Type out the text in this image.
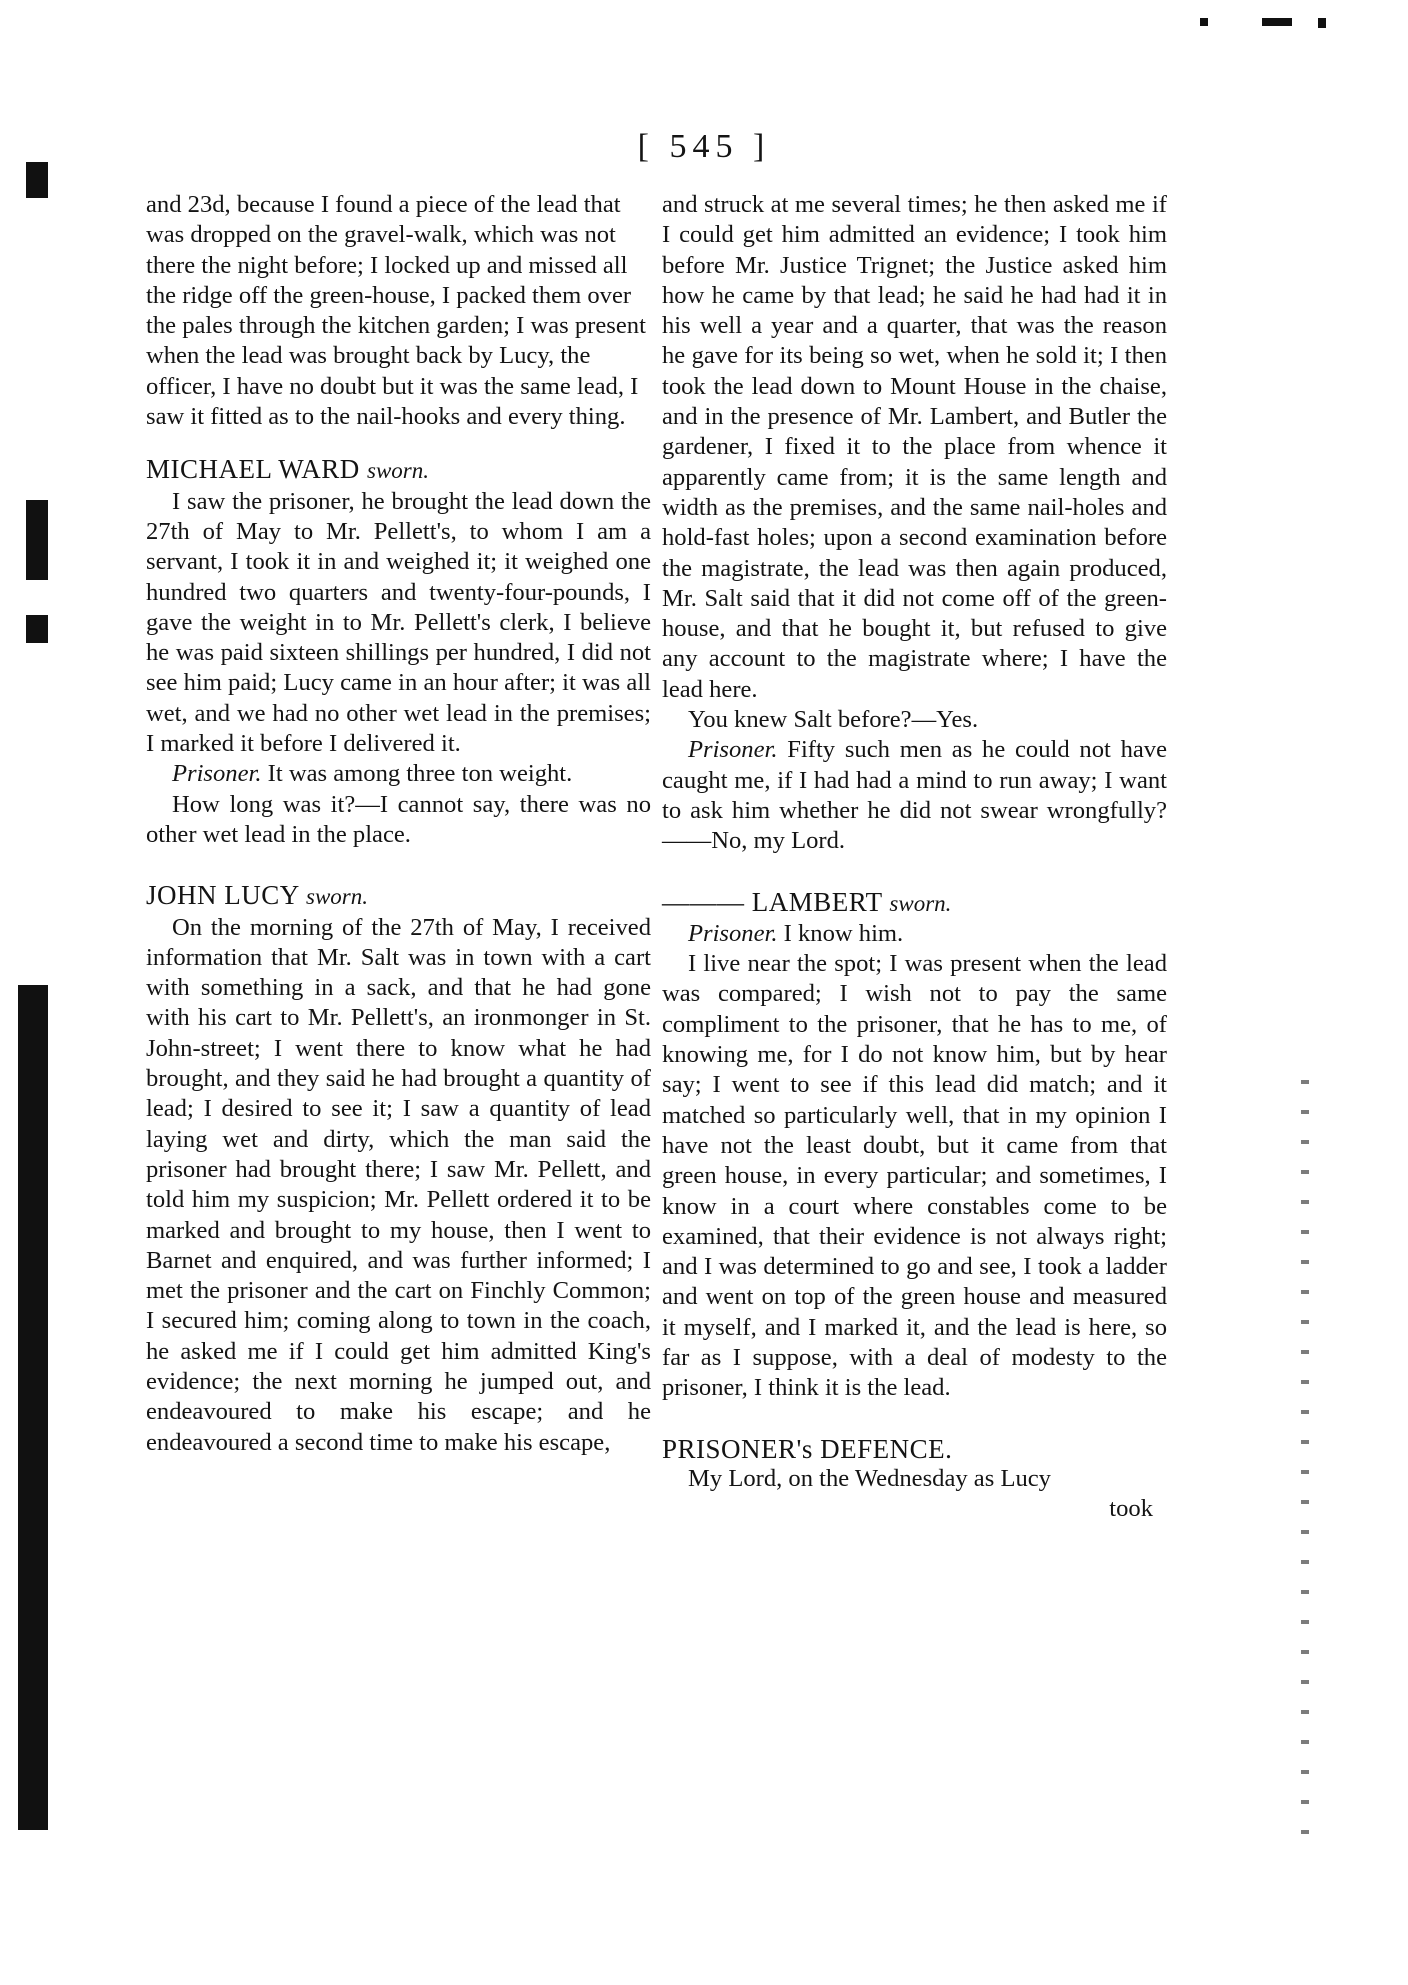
[ 545 ]

and 23d, because I found a piece of the lead that was dropped on the gravel-walk, which was not there the night before; I locked up and missed all the ridge off the green-house, I packed them over the pales through the kitchen garden; I was present when the lead was brought back by Lucy, the officer, I have no doubt but it was the same lead, I saw it fitted as to the nail-hooks and every thing.

MICHAEL WARD sworn.

I saw the prisoner, he brought the lead down the 27th of May to Mr. Pellett's, to whom I am a servant, I took it in and weighed it; it weighed one hundred two quarters and twenty-four-pounds, I gave the weight in to Mr. Pellett's clerk, I believe he was paid sixteen shillings per hundred, I did not see him paid; Lucy came in an hour after; it was all wet, and we had no other wet lead in the premises; I marked it before I delivered it.

Prisoner. It was among three ton weight.

How long was it?—I cannot say, there was no other wet lead in the place.

JOHN LUCY sworn.

On the morning of the 27th of May, I received information that Mr. Salt was in town with a cart with something in a sack, and that he had gone with his cart to Mr. Pellett's, an ironmonger in St. John-street; I went there to know what he had brought, and they said he had brought a quantity of lead; I desired to see it; I saw a quantity of lead laying wet and dirty, which the man said the prisoner had brought there; I saw Mr. Pellett, and told him my suspicion; Mr. Pellett ordered it to be marked and brought to my house, then I went to Barnet and enquired, and was further informed; I met the prisoner and the cart on Finchly Common; I secured him; coming along to town in the coach, he asked me if I could get him admitted King's evidence; the next morning he jumped out, and endeavoured to make his escape; and he endeavoured a second time to make his escape,

and struck at me several times; he then asked me if I could get him admitted an evidence; I took him before Mr. Justice Trignet; the Justice asked him how he came by that lead; he said he had had it in his well a year and a quarter, that was the reason he gave for its being so wet, when he sold it; I then took the lead down to Mount House in the chaise, and in the presence of Mr. Lambert, and Butler the gardener, I fixed it to the place from whence it apparently came from; it is the same length and width as the premises, and the same nail-holes and hold-fast holes; upon a second examination before the magistrate, the lead was then again produced, Mr. Salt said that it did not come off of the green-house, and that he bought it, but refused to give any account to the magistrate where; I have the lead here.

You knew Salt before?—Yes.

Prisoner. Fifty such men as he could not have caught me, if I had had a mind to run away; I want to ask him whether he did not swear wrongfully?——No, my Lord.

——— LAMBERT sworn.

Prisoner. I know him.

I live near the spot; I was present when the lead was compared; I wish not to pay the same compliment to the prisoner, that he has to me, of knowing me, for I do not know him, but by hear say; I went to see if this lead did match; and it matched so particularly well, that in my opinion I have not the least doubt, but it came from that green house, in every particular; and sometimes, I know in a court where constables come to be examined, that their evidence is not always right; and I was determined to go and see, I took a ladder and went on top of the green house and measured it myself, and I marked it, and the lead is here, so far as I suppose, with a deal of modesty to the prisoner, I think it is the lead.

PRISONER's DEFENCE.

My Lord, on the Wednesday as Lucy

took
